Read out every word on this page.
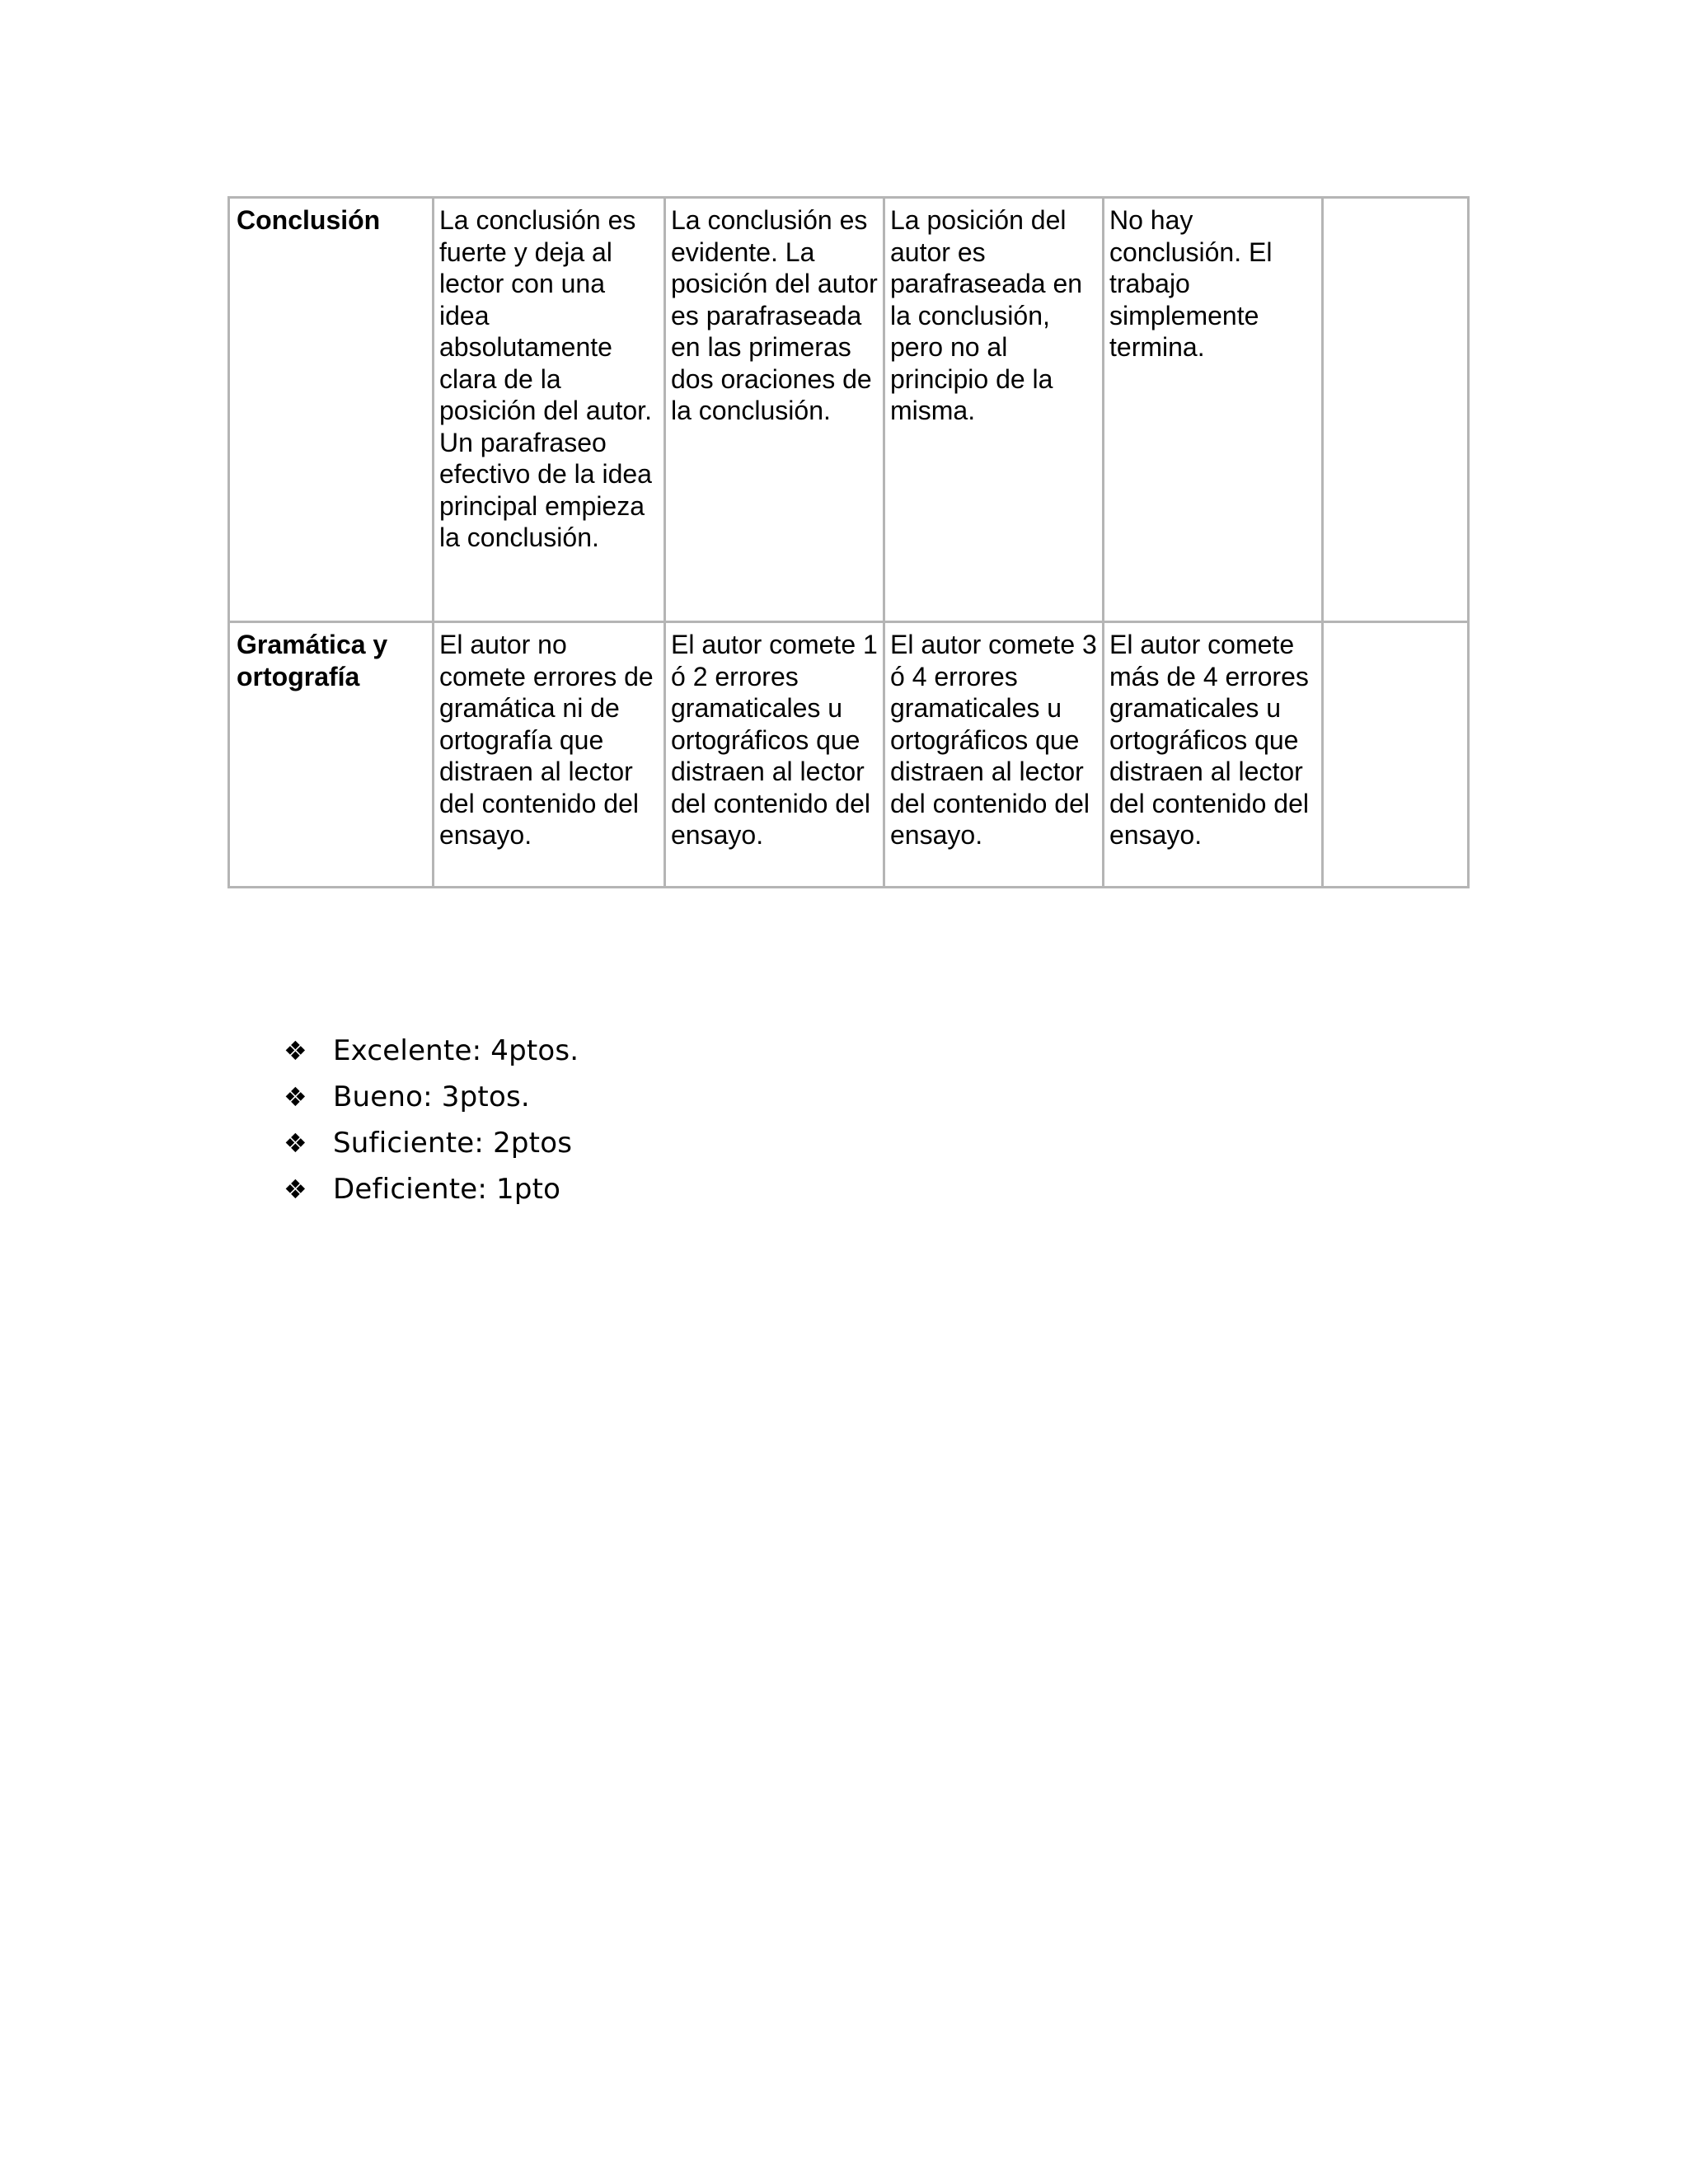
Conclusión	La conclusión es fuerte y deja al lector con una idea absolutamente clara de la posición del autor. Un parafraseo efectivo de la idea principal empieza la conclusión.	La conclusión es evidente. La posición del autor es parafraseada en las primeras dos oraciones de la conclusión.	La posición del autor es parafraseada en la conclusión, pero no al principio de la misma.	No hay conclusión. El trabajo simplemente termina.	
Gramática y ortografía	El autor no comete errores de gramática ni de ortografía que distraen al lector del contenido del ensayo.	El autor comete 1 ó 2 errores gramaticales u ortográficos que distraen al lector del contenido del ensayo.	El autor comete 3 ó 4 errores gramaticales u ortográficos que distraen al lector del contenido del ensayo.	El autor comete más de 4 errores gramaticales u ortográficos que distraen al lector del contenido del ensayo.	
❖ Excelente: 4ptos.
❖ Bueno: 3ptos.
❖ Suficiente: 2ptos
❖ Deficiente: 1pto
